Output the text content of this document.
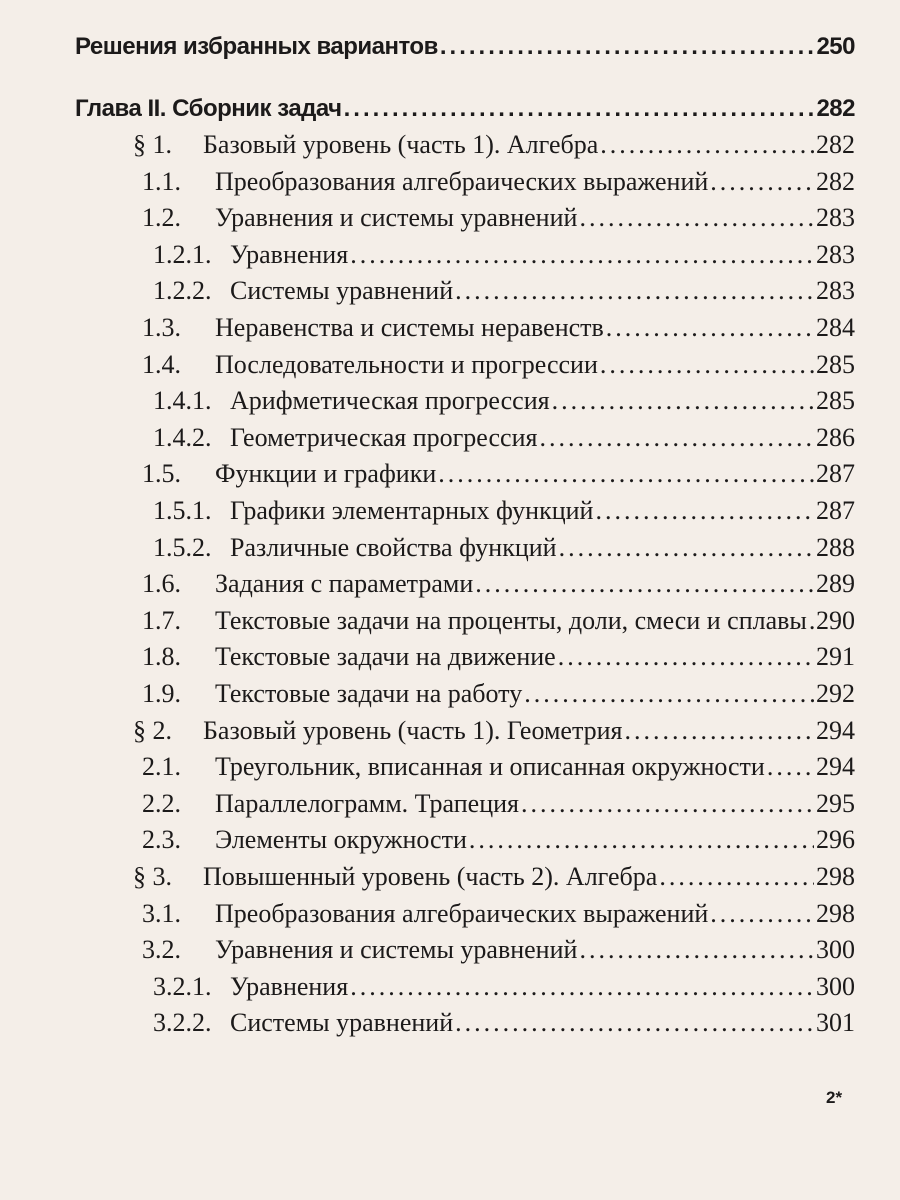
Решения избранных вариантов .....	250
Глава II. Сборник задач .....	282
§ 1.	Базовый уровень (часть 1). Алгебра .....	282
1.1.	Преобразования алгебраических выражений .....	282
1.2.	Уравнения и системы уравнений .....	283
1.2.1. Уравнения .....	283
1.2.2. Системы уравнений .....	283
1.3.	Неравенства и системы неравенств .....	284
1.4.	Последовательности и прогрессии .....	285
1.4.1. Арифметическая прогрессия .....	285
1.4.2. Геометрическая прогрессия .....	286
1.5.	Функции и графики .....	287
1.5.1. Графики элементарных функций .....	287
1.5.2. Различные свойства функций .....	288
1.6.	Задания с параметрами .....	289
1.7.	Текстовые задачи на проценты, доли, смеси и сплавы ..... 290
1.8.	Текстовые задачи на движение .....	291
1.9.	Текстовые задачи на работу .....	292
§ 2.	Базовый уровень (часть 1). Геометрия .....	294
2.1.	Треугольник, вписанная и описанная окружности ..... 294
2.2.	Параллелограмм. Трапеция .....	295
2.3.	Элементы окружности .....	296
§ 3.	Повышенный уровень (часть 2). Алгебра .....	298
3.1.	Преобразования алгебраических выражений .....	298
3.2.	Уравнения и системы уравнений .....	300
3.2.1. Уравнения .....	300
3.2.2. Системы уравнений .....	301
2*
